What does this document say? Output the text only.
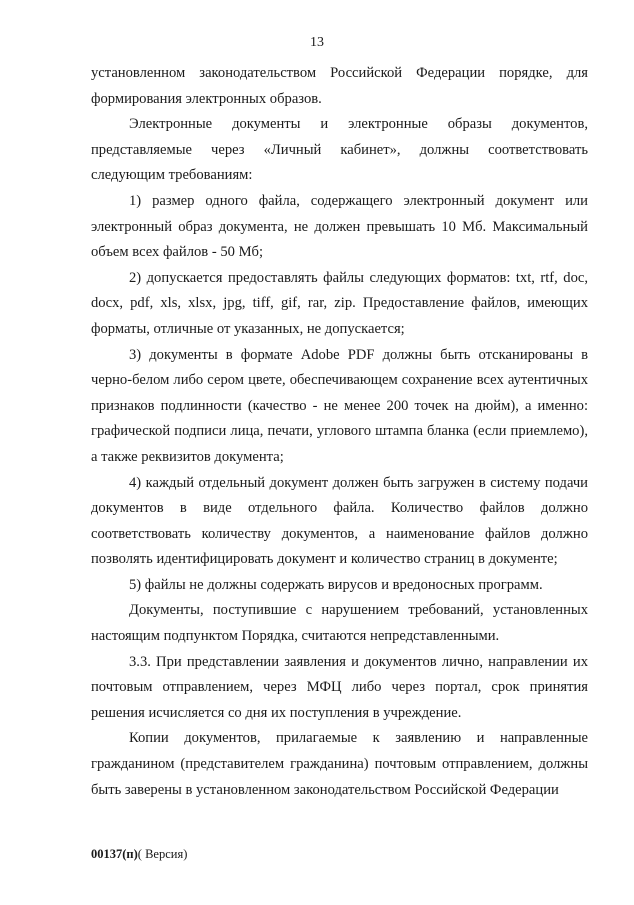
13

установленном законодательством Российской Федерации порядке, для формирования электронных образов.

Электронные документы и электронные образы документов, представляемые через «Личный кабинет», должны соответствовать следующим требованиям:

1) размер одного файла, содержащего электронный документ или электронный образ документа, не должен превышать 10 Мб. Максимальный объем всех файлов - 50 Мб;

2) допускается предоставлять файлы следующих форматов: txt, rtf, doc, docx, pdf, xls, xlsx, jpg, tiff, gif, rar, zip. Предоставление файлов, имеющих форматы, отличные от указанных, не допускается;

3) документы в формате Adobe PDF должны быть отсканированы в черно-белом либо сером цвете, обеспечивающем сохранение всех аутентичных признаков подлинности (качество - не менее 200 точек на дюйм), а именно: графической подписи лица, печати, углового штампа бланка (если приемлемо), а также реквизитов документа;

4) каждый отдельный документ должен быть загружен в систему подачи документов в виде отдельного файла. Количество файлов должно соответствовать количеству документов, а наименование файлов должно позволять идентифицировать документ и количество страниц в документе;

5) файлы не должны содержать вирусов и вредоносных программ.

Документы, поступившие с нарушением требований, установленных настоящим подпунктом Порядка, считаются непредставленными.

3.3. При представлении заявления и документов лично, направлении их почтовым отправлением, через МФЦ либо через портал, срок принятия решения исчисляется со дня их поступления в учреждение.

Копии документов, прилагаемые к заявлению и направленные гражданином (представителем гражданина) почтовым отправлением, должны быть заверены в установленном законодательством Российской Федерации

00137(п)( Версия)
